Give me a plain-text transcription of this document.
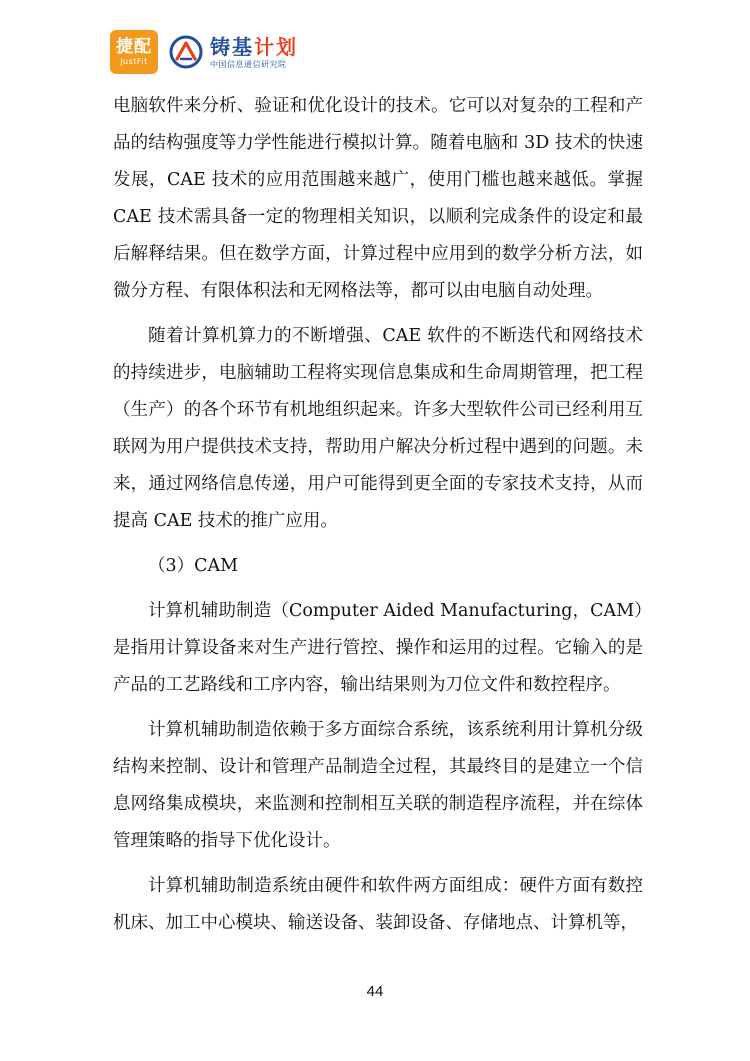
捷配
JustFit
铸基计划
中国信息通信研究院

电脑软件来分析、验证和优化设计的技术。它可以对复杂的工程和产品的结构强度等力学性能进行模拟计算。随着电脑和 3D 技术的快速发展，CAE 技术的应用范围越来越广，使用门槛也越来越低。掌握 CAE 技术需具备一定的物理相关知识，以顺利完成条件的设定和最后解释结果。但在数学方面，计算过程中应用到的数学分析方法，如微分方程、有限体积法和无网格法等，都可以由电脑自动处理。

随着计算机算力的不断增强、CAE 软件的不断迭代和网络技术的持续进步，电脑辅助工程将实现信息集成和生命周期管理，把工程（生产）的各个环节有机地组织起来。许多大型软件公司已经利用互联网为用户提供技术支持，帮助用户解决分析过程中遇到的问题。未来，通过网络信息传递，用户可能得到更全面的专家技术支持，从而提高 CAE 技术的推广应用。

（3）CAM

计算机辅助制造（Computer Aided Manufacturing，CAM）是指用计算设备来对生产进行管控、操作和运用的过程。它输入的是产品的工艺路线和工序内容，输出结果则为刀位文件和数控程序。

计算机辅助制造依赖于多方面综合系统，该系统利用计算机分级结构来控制、设计和管理产品制造全过程，其最终目的是建立一个信息网络集成模块，来监测和控制相互关联的制造程序流程，并在综体管理策略的指导下优化设计。

计算机辅助制造系统由硬件和软件两方面组成：硬件方面有数控机床、加工中心模块、输送设备、装卸设备、存储地点、计算机等，

44
